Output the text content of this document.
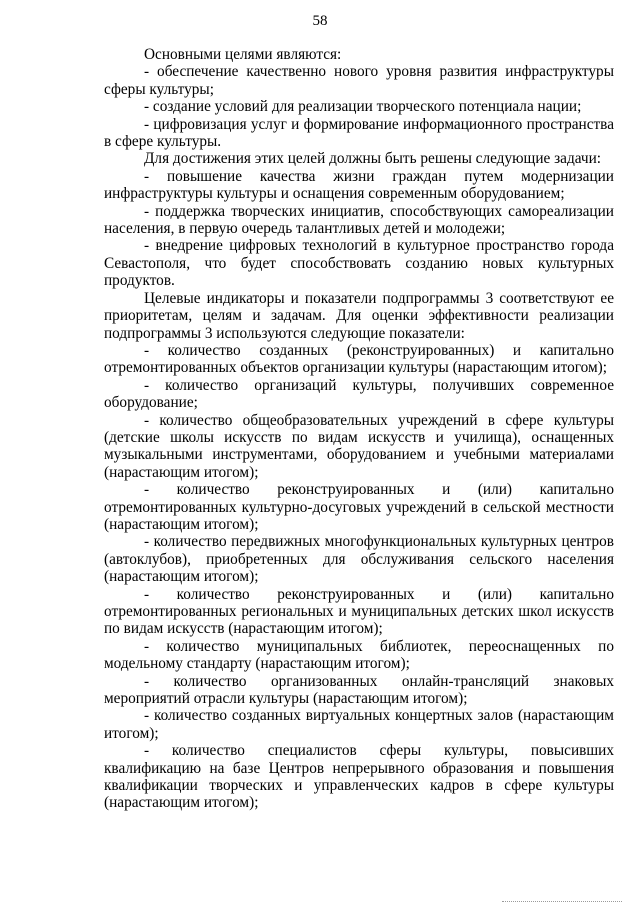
58

Основными целями являются:

- обеспечение качественно нового уровня развития инфраструктуры сферы культуры;

- создание условий для реализации творческого потенциала нации;

- цифровизация услуг и формирование информационного пространства в сфере культуры.

Для достижения этих целей должны быть решены следующие задачи:

- повышение качества жизни граждан путем модернизации инфраструктуры культуры и оснащения современным оборудованием;

- поддержка творческих инициатив, способствующих самореализации населения, в первую очередь талантливых детей и молодежи;

- внедрение цифровых технологий в культурное пространство города Севастополя, что будет способствовать созданию новых культурных продуктов.

Целевые индикаторы и показатели подпрограммы 3 соответствуют ее приоритетам, целям и задачам. Для оценки эффективности реализации подпрограммы 3 используются следующие показатели:

- количество созданных (реконструированных) и капитально отремонтированных объектов организации культуры (нарастающим итогом);

- количество организаций культуры, получивших современное оборудование;

- количество общеобразовательных учреждений в сфере культуры (детские школы искусств по видам искусств и училища), оснащенных музыкальными инструментами, оборудованием и учебными материалами (нарастающим итогом);

- количество реконструированных и (или) капитально отремонтированных культурно-досуговых учреждений в сельской местности (нарастающим итогом);

- количество передвижных многофункциональных культурных центров (автоклубов), приобретенных для обслуживания сельского населения (нарастающим итогом);

- количество реконструированных и (или) капитально отремонтированных региональных и муниципальных детских школ искусств по видам искусств (нарастающим итогом);

- количество муниципальных библиотек, переоснащенных по модельному стандарту (нарастающим итогом);

- количество организованных онлайн-трансляций знаковых мероприятий отрасли культуры (нарастающим итогом);

- количество созданных виртуальных концертных залов (нарастающим итогом);

- количество специалистов сферы культуры, повысивших квалификацию на базе Центров непрерывного образования и повышения квалификации творческих и управленческих кадров в сфере культуры (нарастающим итогом);
